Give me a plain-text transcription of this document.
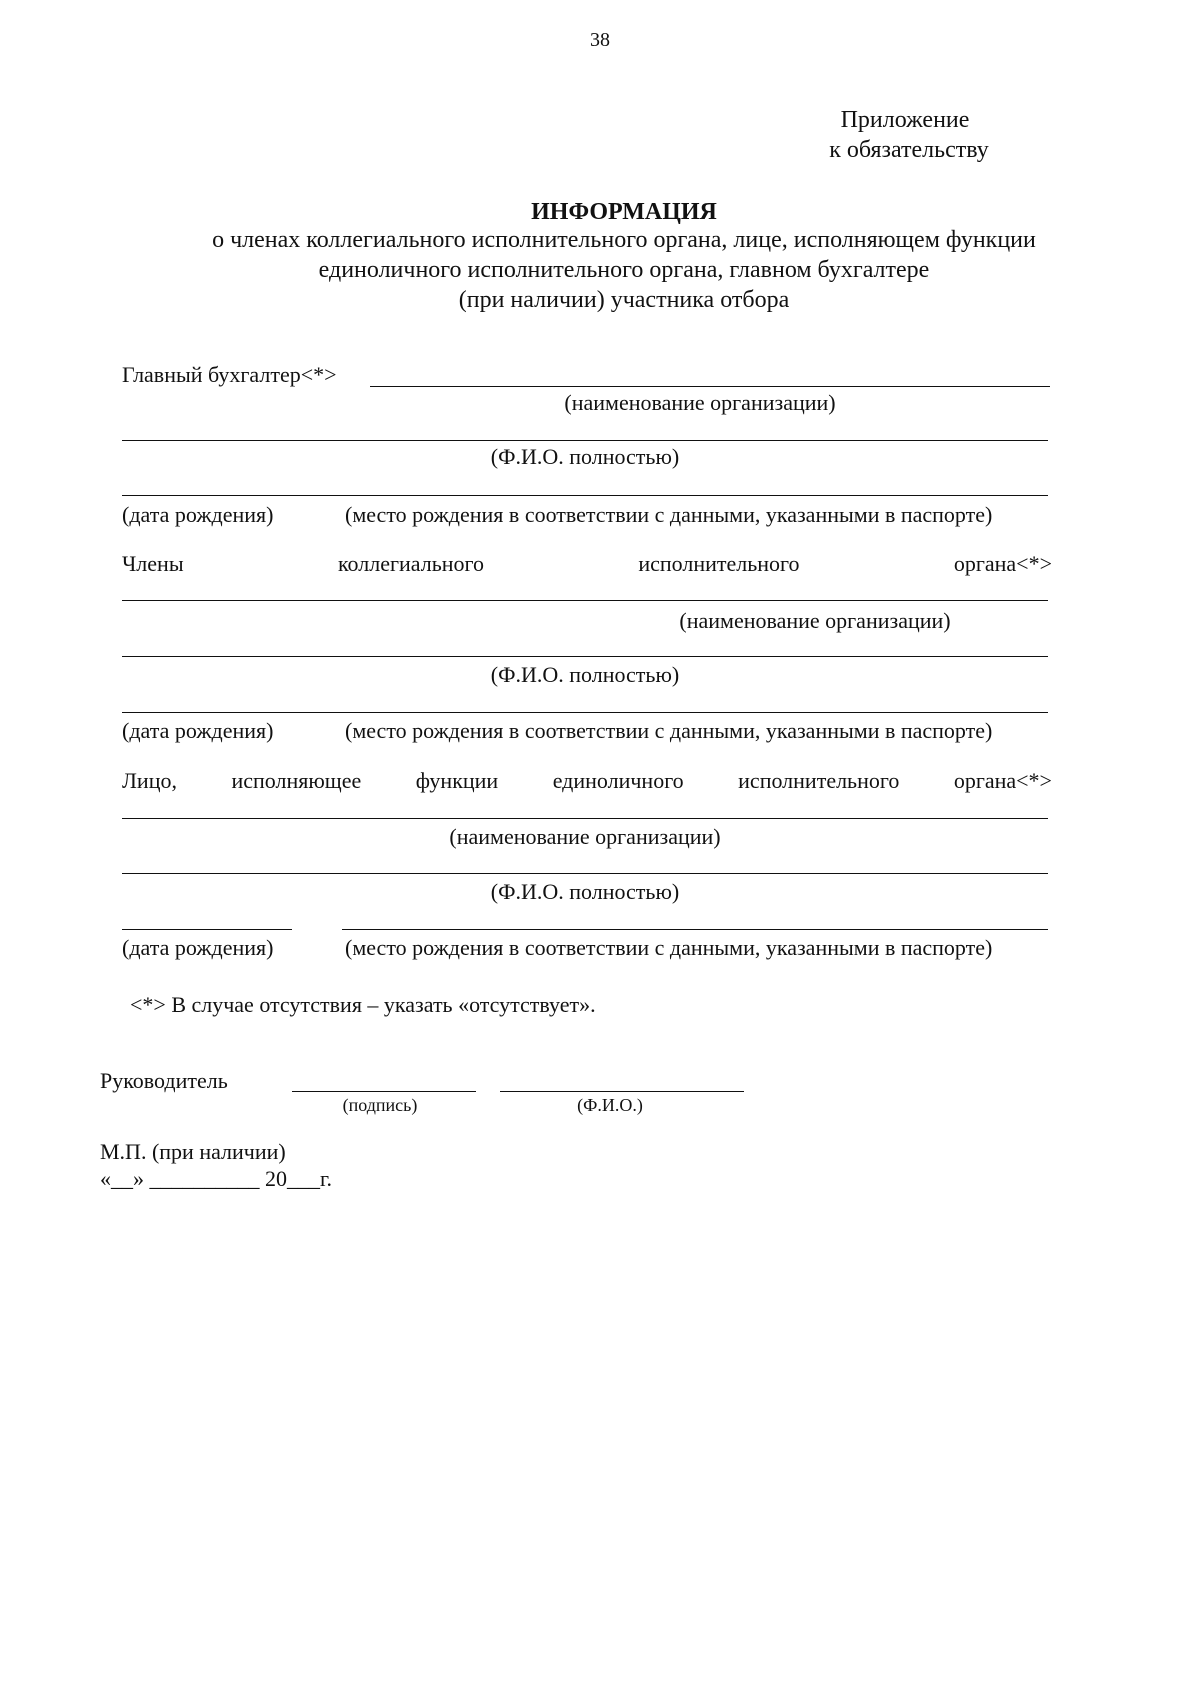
38
Приложение
к обязательству
ИНФОРМАЦИЯ
о членах коллегиального исполнительного органа, лице, исполняющем функции
единоличного исполнительного органа, главном бухгалтере
(при наличии) участника отбора
Главный бухгалтер<*>
(наименование организации)
(Ф.И.О. полностью)
(дата рождения)	(место рождения в соответствии с данными, указанными в паспорте)
Члены	коллегиального	исполнительного	органа<*>
(наименование организации)
(Ф.И.О. полностью)
(дата рождения)	(место рождения в соответствии с данными, указанными в паспорте)
Лицо, исполняющее функции единоличного исполнительного органа<*>
(наименование организации)
(Ф.И.О. полностью)
(дата рождения)	(место рождения в соответствии с данными, указанными в паспорте)
<*> В случае отсутствия – указать «отсутствует».
Руководитель
(подпись)	(Ф.И.О.)
М.П. (при наличии)
«__» __________ 20___г.
